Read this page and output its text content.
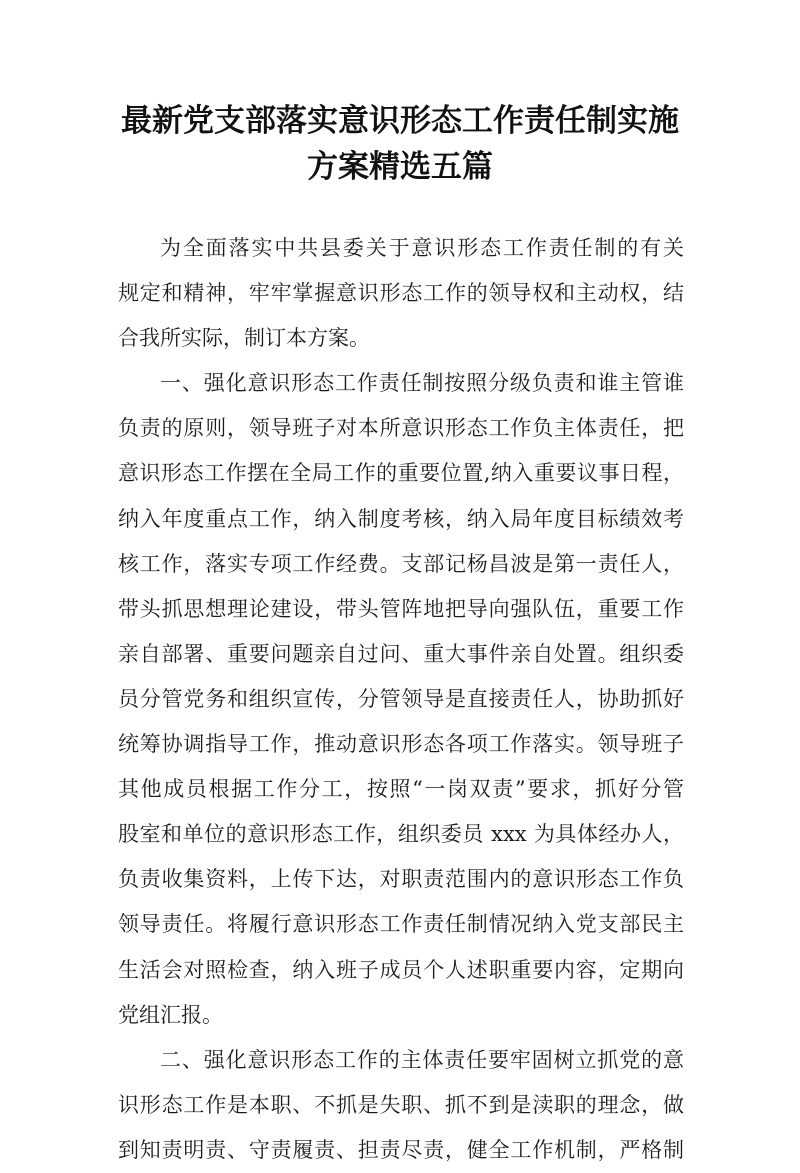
最新党支部落实意识形态工作责任制实施
方案精选五篇
为全面落实中共县委关于意识形态工作责任制的有关
规定和精神，牢牢掌握意识形态工作的领导权和主动权，结
合我所实际，制订本方案。
一、强化意识形态工作责任制按照分级负责和谁主管谁
负责的原则，领导班子对本所意识形态工作负主体责任，把
意识形态工作摆在全局工作的重要位置,纳入重要议事日程，
纳入年度重点工作，纳入制度考核，纳入局年度目标绩效考
核工作，落实专项工作经费。支部记杨昌波是第一责任人，
带头抓思想理论建设，带头管阵地把导向强队伍，重要工作
亲自部署、重要问题亲自过问、重大事件亲自处置。组织委
员分管党务和组织宣传，分管领导是直接责任人，协助抓好
统筹协调指导工作，推动意识形态各项工作落实。领导班子
其他成员根据工作分工，按照“一岗双责”要求，抓好分管
股室和单位的意识形态工作，组织委员 xxx 为具体经办人，
负责收集资料，上传下达，对职责范围内的意识形态工作负
领导责任。将履行意识形态工作责任制情况纳入党支部民主
生活会对照检查，纳入班子成员个人述职重要内容，定期向
党组汇报。
二、强化意识形态工作的主体责任要牢固树立抓党的意
识形态工作是本职、不抓是失职、抓不到是渎职的理念，做
到知责明责、守责履责、担责尽责，健全工作机制，严格制
